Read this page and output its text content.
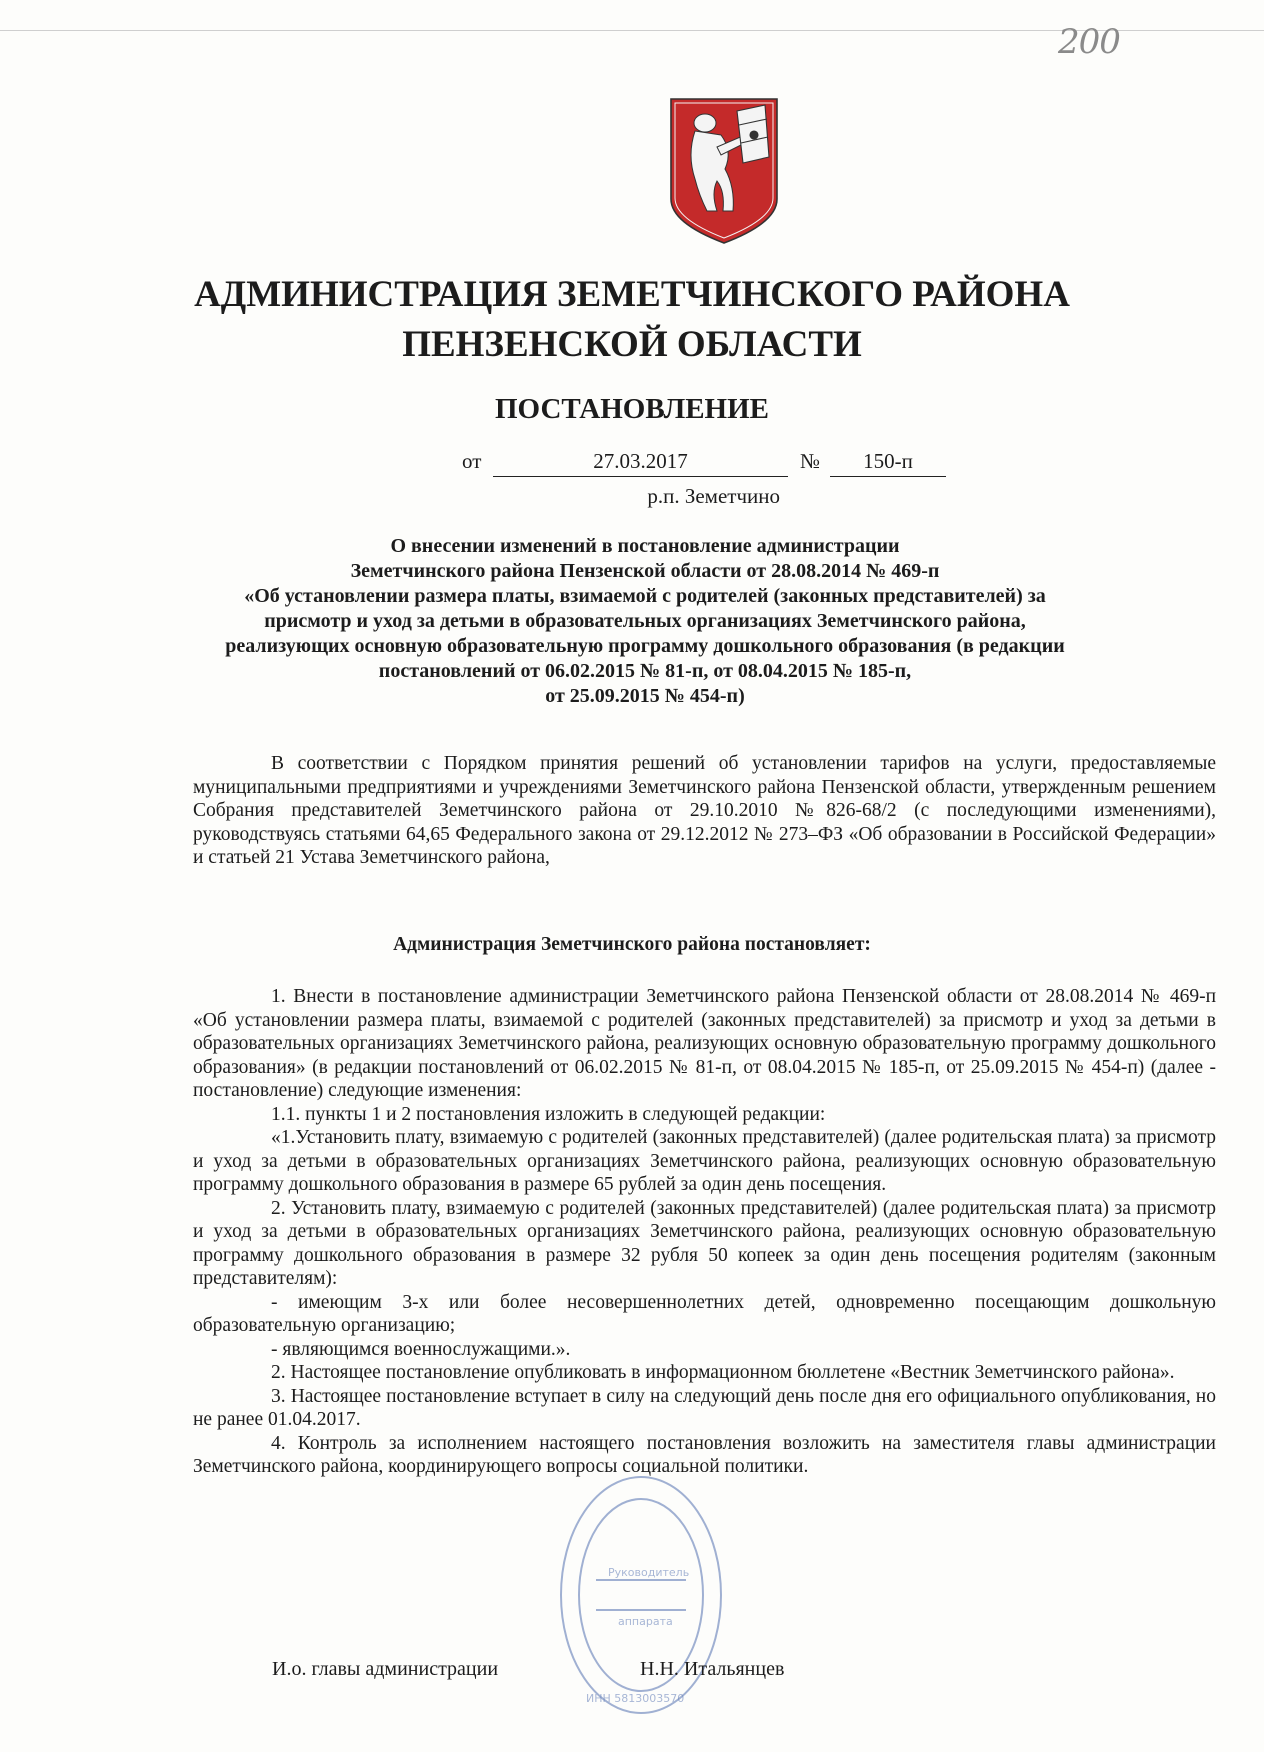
200
АДМИНИСТРАЦИЯ ЗЕМЕТЧИНСКОГО РАЙОНА
ПЕНЗЕНСКОЙ ОБЛАСТИ
ПОСТАНОВЛЕНИЕ
от	27.03.2017	№	150-п
р.п. Земетчино
О внесении изменений в постановление администрации
Земетчинского района Пензенской области от 28.08.2014 № 469-п
«Об установлении размера платы, взимаемой с родителей (законных представителей) за
присмотр и уход за детьми в образовательных организациях Земетчинского района,
реализующих основную образовательную программу дошкольного образования (в редакции
постановлений от 06.02.2015 № 81-п, от 08.04.2015 № 185-п,
от 25.09.2015 № 454-п)

В соответствии с Порядком принятия решений об установлении тарифов на услуги, предоставляемые муниципальными предприятиями и учреждениями Земетчинского района Пензенской области, утвержденным решением Собрания представителей Земетчинского района от 29.10.2010 №826-68/2 (с последующими изменениями), руководствуясь статьями 64,65 Федерального закона от 29.12.2012 № 273–ФЗ «Об образовании в Российской Федерации» и статьей 21 Устава Земетчинского района,

Администрация Земетчинского района постановляет:

1. Внести в постановление администрации Земетчинского района Пензенской области от 28.08.2014 № 469-п «Об установлении размера платы, взимаемой с родителей (законных представителей) за присмотр и уход за детьми в образовательных организациях Земетчинского района, реализующих основную образовательную программу дошкольного образования» (в редакции постановлений от 06.02.2015 № 81-п, от 08.04.2015 № 185-п, от 25.09.2015 № 454-п) (далее - постановление) следующие изменения:

1.1. пункты 1 и 2 постановления изложить в следующей редакции:

«1.Установить плату, взимаемую с родителей (законных представителей) (далее родительская плата) за присмотр и уход за детьми в образовательных организациях Земетчинского района, реализующих основную образовательную программу дошкольного образования в размере 65 рублей за один день посещения.

2. Установить плату, взимаемую с родителей (законных представителей) (далее родительская плата) за присмотр и уход за детьми в образовательных организациях Земетчинского района, реализующих основную образовательную программу дошкольного образования в размере 32 рубля 50 копеек за один день посещения родителям (законным представителям):

- имеющим 3-х или более несовершеннолетних детей, одновременно посещающим дошкольную образовательную организацию;

- являющимся военнослужащими.».

2. Настоящее постановление опубликовать в информационном бюллетене «Вестник Земетчинского района».

3. Настоящее постановление вступает в силу на следующий день после дня его официального опубликования, но не ранее 01.04.2017.

4. Контроль за исполнением настоящего постановления возложить на заместителя главы администрации Земетчинского района, координирующего вопросы социальной политики.

Руководитель
аппарата
ИНН 5813003570
И.о. главы администрации	Н.Н. Итальянцев
